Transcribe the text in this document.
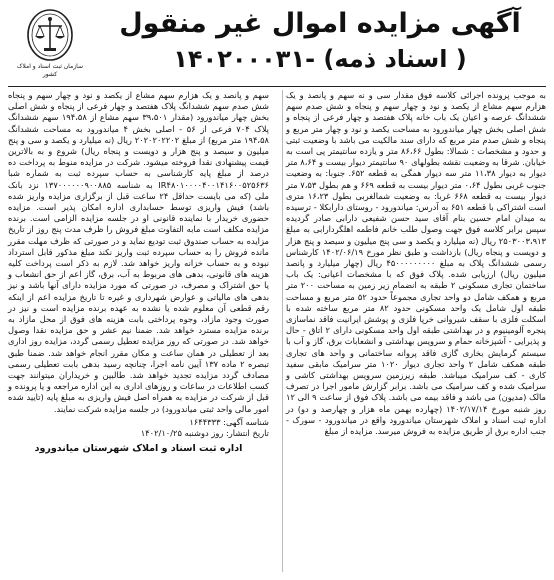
سازمان ثبت اسناد و املاک کشور
آگهی مزایده اموال غیر منقول
( اسناد ذمه) -۱۴۰۲۰۰۰۳۱

به موجب پرونده اجرائی کلاسه فوق مقدار سی و نه سهم و پانصد و یک هزارم سهم مشاع از یکصد و نود و چهار سهم و پنجاه و شش صدم سهم ششدانگ عرصه و اعیان یک باب خانه پلاک هفتصد و چهار فرعی از پنجاه و شش اصلی بخش چهار میاندورود به مساحت یکصد و نود و چهار متر مربع و پنجاه و شش صدم متر مربع که دارای سند مالکیت می باشد با وضعیت ثبتی و حدود و مشخصات : شمالا: بطول ۸۶،۶۶ متر و یازده سانتیمتر پی است به خیابان. شرقا به وضعیت نقشه بطولهای ۹۰ سانتیمتر دیوار بیست و ۸،۶۴ متر دیوار به دیوار ۱۱،۳۸ متر سه دیوار همگی به قطعه ۶۵۲. جنوبا: به وضعیت جنوب غربی بطول ۰،۶۴ متر دیوار بیست به قطعه ۶۶۹ و هم بطول ۷،۵۳ متر دیوار بیست به قطعه ۶۶۸ غربا: به وضعیت شمالغربی بطول ۱۶،۲۳ متری است اشتراکی با قطعه ۶۵۱ به آدرس: میاندورود - روستای دارابکلا - ترسیده به میدان امام حسین بنام آقای سید حسن شفیعی دارابی صادر گردیده سپس برابر کلاسه فوق جهت وصول طلب خانم فاطمه اهلگردارابی به مبلغ ۲۵۰۳۰۰۳،۹۱۳ ریال (نه میلیارد و یکصد و سی پنج میلیون و سیصد و پنج هزار و دویست و پنجاه ریال) بازداشت و طبق نظر مورخ ۱۴۰۲/۰۶/۱۹ کارشناس رسمی ششدانگ پلاک به مبلغ ۴۵۰۰۰۰۰۰۰۰۰ ریال (چهار میلیارد و پانصد میلیون ریال) ارزیابی شده. پلاک فوق که با مشخصات اعیانی: یک باب ساختمان تجاری مسکونی ۲ طبقه به انضمام زیر زمین به مساحت ۲۰۰ متر مربع و همکف شامل دو واحد تجاری مجموعاً حدود ۵۲ متر مربع و مساحت طبقه اول شامل یک واحد مسکونی حدود ۸۲ متر مربع ساخته شده با اسکلت فلزی با سقف شیروانی خرپا فلزی و پوشش ایرانیت فاقد نماسازی پنجره آلومینیوم و در بهداشتی طبقه اول واحد مسکونی دارای ۲ اتاق - حال و پذیرایی - آشپزخانه حمام و سرویس بهداشتی و انشعابات برق، گاز و آب با سیستم گرمایش بخاری گازی فاقد پروانه ساختمانی و واحد های تجاری طبقه همکف شامل ۲ واحد تجاری دیوار ۱۰۲۰ متر سرامیک مابقی سفید کاری - کف سرامیک میباشد. طبقه زیرزمین سرویس بهداشتی کاشی و سرامیک شده و کف سرامیک می باشد. برابر گزارش مامور اجرا در تصرف مالک (مدیون) می باشد و فاقد بیمه می باشد. پلاک فوق از ساعت ۹ الی ۱۲ روز شنبه مورخ ۱۴۰۲/۱۷/۱۴ (چهارده بهمن ماه هزار و چهارصد و دو) در اداره ثبت اسناد و املاک شهرستان میاندورود واقع در میاندورود - سورک - جنب اداره برق از طریق مزایده به فروش میرسد. مزایده از مبلغ

سهم و پانصد و یک هزارم سهم مشاع از یکصد و نود و چهار سهم و پنجاه شش صدم سهم ششدانگ پلاک هفتصد و چهار فرعی از پنجاه و شش اصلی بخش چهار میاندورود (مقدار ۳۹،۵۰۱ سهم مشاع از ۱۹۴،۵۸ سهم ششدانگ پلاک ۷۰۴ فرعی از ۵۶ - اصلی بخش ۴ میاندورود به مساحت ششدانگ ۱۹۴،۵۸ متر مربع) از مبلغ ۲۰۲۰۲۰۲۲۰۲ ریال (نه میلیارد و یکصد و سی و پنج میلیون و سیصد و پنج هزار و دویست و پنجاه ریال) شروع و به بالاترین قیمت پیشنهادی نقدا فروخته میشود. شرکت در مزایده منوط به پرداخت ده درصد از مبلغ پایه کارشناسی به حساب سپرده ثبت به شماره شبا IR۴۸۰۱۰۰۰۰۴۰۰۱۴۱۶۰۰۵۲۵۶۳۶ به شناسه ۱۳۷۰۰۰۰۰۰۹۰۰۸۸۵ نزد بانک ملی (که می بایست حداقل ۲۴ ساعت قبل از برگزاری مزایده واریز شده باشد) فیش واریزی توسط حسابداری اداره امکان پذیر است. مزایده حضوری خریدار با نماینده قانونی او در جلسه مزایده الزامی است. برنده مزایده مکلف است مابه التفاوت مبلغ فروش را ظرف مدت پنج روز از تاریخ مزایده به حساب صندوق ثبت تودیع نماید و در صورتی که ظرف مهلت مقرر مانده فروش را به حساب سپرده ثبت واریز نکند مبلغ مذکور قابل استرداد نبوده و به حساب خزانه واریز خواهد شد. لازم به ذکر است پرداخت کلیه هزینه های قانونی، بدهی های مربوط به آب، برق، گاز اعم از حق انشعاب و یا حق اشتراک و مصرف، در صورتی که مورد مزایده دارای آنها باشد و نیز بدهی های مالیاتی و عوارض شهرداری و غیره تا تاریخ مزایده اعم از اینکه رقم قطعی آن معلوم شده یا نشده به عهده برنده مزایده است و نیز در صورت وجود مازاد، وجوه پرداختی بابت هزینه های فوق از محل مازاد به برنده مزایده مسترد خواهد شد. ضمنا نیم عشر و حق مزایده نقدا وصول خواهد شد. در صورتی که روز مزایده تعطیل رسمی گردد، مزایده روز اداری بعد از تعطیلی در همان ساعت و مکان مقرر انجام خواهد شد. ضمنا طبق تبصره ۲ ماده ۱۳۷ آیین نامه اجرا، چنانچه رسید بدهی بابت تعطیلی رسمی مصادف گردد مزایده تجدید خواهد شد. طالبین و خریداران میتوانند جهت کسب اطلاعات در ساعات و روزهای اداری به این اداره مراجعه و یا پرونده و قبل از شرکت در مزایده به همراه اصل فیش واریزی به مبلغ پایه (تایید شده امور مالی واحد ثبتی میاندورود) در جلسه مزایده شرکت نمایند.

شناسه آگهی: ۱۶۴۴۳۳۳
تاریخ انتشار: روز دوشنبه ۱۴۰۲/۱۰/۲۵
اداره ثبت اسناد و املاک شهرستان میاندورود
